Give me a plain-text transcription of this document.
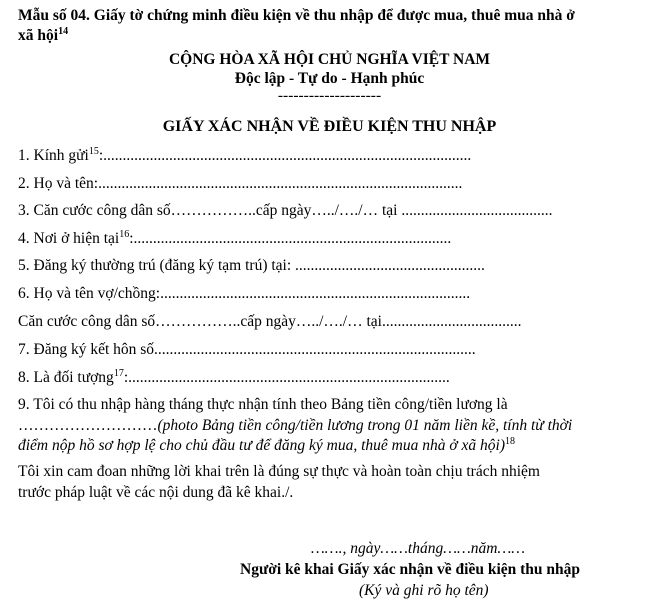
Mẫu số 04. Giấy tờ chứng minh điều kiện về thu nhập để được mua, thuê mua nhà ở
xã hội$^{14}$
CỘNG HÒA XÃ HỘI CHỦ NGHĨA VIỆT NAM
Độc lập - Tự do - Hạnh phúc
--------------------
GIẤY XÁC NHẬN VỀ ĐIỀU KIỆN THU NHẬP
1. Kính gửi$^{15}$:...............................................................................................
2. Họ và tên:..............................................................................................
3. Căn cước công dân số……………..cấp ngày…../…./… tại .......................................
4. Nơi ở hiện tại$^{16}$:..................................................................................
5. Đăng ký thường trú (đăng ký tạm trú) tại: .................................................
6. Họ và tên vợ/chồng:................................................................................
Căn cước công dân số……………..cấp ngày…../…./… tại....................................
7. Đăng ký kết hôn số...................................................................................
8. Là đối tượng$^{17}$:...................................................................................
9. Tôi có thu nhập hàng tháng thực nhận tính theo Bảng tiền công/tiền lương là
………………………(photo Bảng tiền công/tiền lương trong 01 năm liền kề, tính từ thời
điểm nộp hồ sơ hợp lệ cho chủ đầu tư để đăng ký mua, thuê mua nhà ở xã hội)$^{18}$
Tôi xin cam đoan những lời khai trên là đúng sự thực và hoàn toàn chịu trách nhiệm
trước pháp luật về các nội dung đã kê khai./.
……., ngày……tháng……năm……
Người kê khai Giấy xác nhận về điều kiện thu nhập
(Ký và ghi rõ họ tên)
